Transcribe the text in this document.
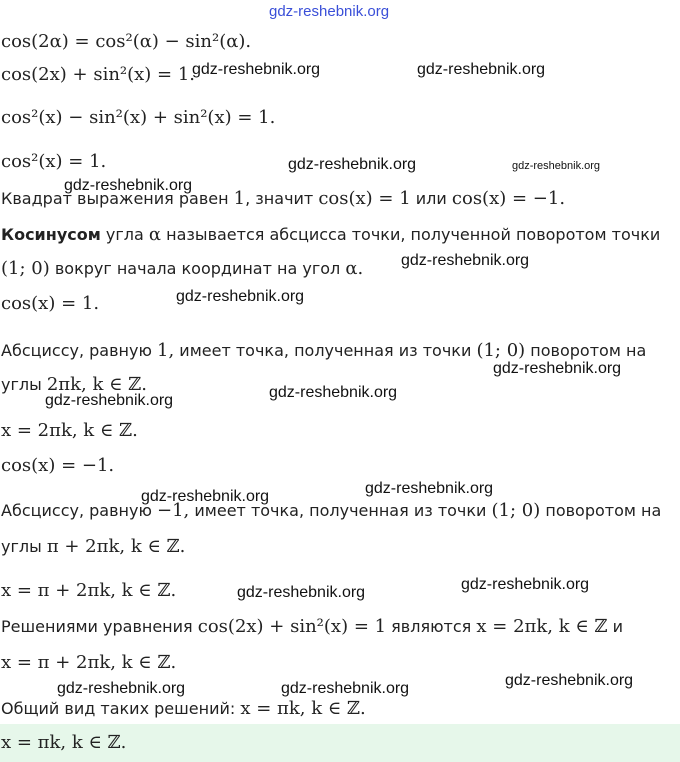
gdz-reshebnik.org
gdz-reshebnik.org	gdz-reshebnik.org
gdz-reshebnik.org	gdz-reshebnik.org
gdz-reshebnik.org
gdz-reshebnik.org
gdz-reshebnik.org
gdz-reshebnik.org
gdz-reshebnik.org
gdz-reshebnik.org
gdz-reshebnik.org
gdz-reshebnik.org
gdz-reshebnik.org
gdz-reshebnik.org
gdz-reshebnik.org
gdz-reshebnik.org	gdz-reshebnik.org
cos(2α) = cos²(α) − sin²(α).
cos(2x) + sin²(x) = 1.
cos²(x) − sin²(x) + sin²(x) = 1.
cos²(x) = 1.
Квадрат выражения равен 1, значит cos(x) = 1 или cos(x) = −1.
Косинусом угла α называется абсцисса точки, полученной поворотом точки
(1; 0) вокруг начала координат на угол α.
cos(x) = 1.
Абсциссу, равную 1, имеет точка, полученная из точки (1; 0) поворотом на
углы 2πk, k ∈ ℤ.
x = 2πk, k ∈ ℤ.
cos(x) = −1.
Абсциссу, равную −1, имеет точка, полученная из точки (1; 0) поворотом на
углы π + 2πk, k ∈ ℤ.
x = π + 2πk, k ∈ ℤ.
Решениями уравнения cos(2x) + sin²(x) = 1 являются x = 2πk, k ∈ ℤ и
x = π + 2πk, k ∈ ℤ.
Общий вид таких решений: x = πk, k ∈ ℤ.
x = πk, k ∈ ℤ.
